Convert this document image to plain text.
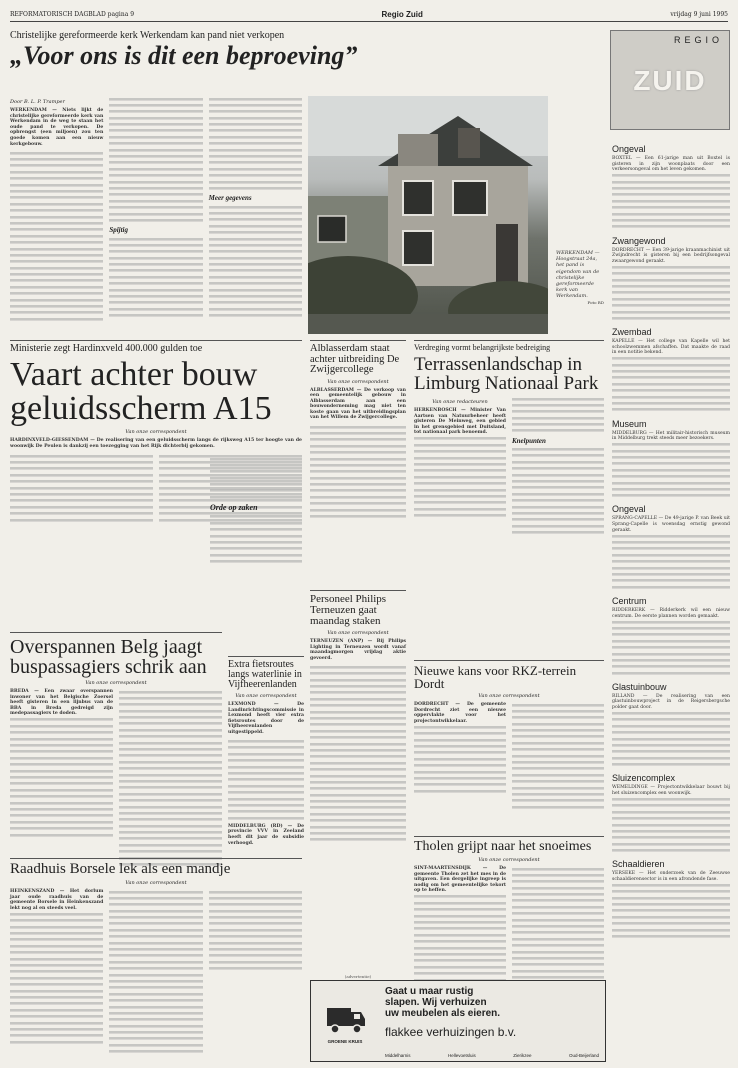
REFORMATORISCH DAGBLAD pagina 9	Regio Zuid	vrijdag 9 juni 1995
Christelijke gereformeerde kerk Werkendam kan pand niet verkopen
„Voor ons is dit een beproeving”
Door B. L. P. Tramper
WERKENDAM — Niets lijkt de christelijke gereformeerde kerk van Werkendam in de weg te staan het oude pand te verkopen. De opbrengst (een miljoen) zou ten goede komen aan een nieuw kerkgebouw.
Spijtig
Meer gegevens
REGIO
ZUID
WERKENDAM — Hoogstraat 24a, het pand is eigendom van de christelijke gereformeerde kerk van Werkendam.
Foto RD
Ongeval
BOXTEL — Een 61-jarige man uit Boxtel is gisteren in zijn woonplaats door een verkeersongeval om het leven gekomen.
Zwangewond
DORDRECHT — Een 39-jarige kraanmachinist uit Zwijndrecht is gisteren bij een bedrijfsongeval zwaargewond geraakt.
Zwembad
KAPELLE — Het college van Kapelle wil het schoolzwemmen afschaffen. Dat maakte de raad in een notitie bekend.
Museum
MIDDELBURG — Het militair-historisch museum in Middelburg trekt steeds meer bezoekers.
Ongeval
SPRANG-CAPELLE — De 49-jarige P. van Beek uit Sprang-Capelle is woensdag ernstig gewond geraakt.
Centrum
RIDDERKERK — Ridderkerk wil een nieuw centrum. De eerste plannen worden gemaakt.
Glastuinbouw
RILLAND — De realisering van een glastuinbouwproject in de Reigersbergsche polder gaat door.
Sluizencomplex
WEMELDINGE — Projectontwikkelaar bouwt bij het sluizencomplex een woonwijk.
Schaaldieren
YERSEKE — Het onderzoek van de Zeeuwse schaaldierensector is in een afrondende fase.
Ministerie zegt Hardinxveld 400.000 gulden toe
Vaart achter bouw geluidsscherm A15
Van onze correspondent
HARDINXVELD-GIESSENDAM — De realisering van een geluidsscherm langs de rijksweg A15 ter hoogte van de woonwijk De Peulen is dankzij een toezegging van het Rijk dichterbij gekomen.
Orde op zaken
Alblasserdam staat achter uitbreiding De Zwijgercollege
Van onze correspondent
ALBLASSERDAM — De verkoop van een gemeentelijk gebouw in Alblasserdam aan een bouwonderneming mag niet ten koste gaan van het uitbreidingsplan van het Willem de Zwijgercollege.
Verdreging vormt belangrijkste bedreiging
Terrassenlandschap in Limburg Nationaal Park
Van onze redacteuren
HERKENBOSCH — Minister Van Aartsen van Natuurbeheer heeft gisteren De Meinweg, een gebied in het grensgebied met Duitsland, tot nationaal park benoemd.
Knelpunten
Personeel Philips Terneuzen gaat maandag staken
Van onze correspondent
TERNEUZEN (ANP) — Bij Philips Lighting in Terneuzen wordt vanaf maandagmorgen vrijdag aktie gevoerd.
Nieuwe kans voor RKZ-terrein Dordt
Van onze correspondent
DORDRECHT — De gemeente Dordrecht ziet een nieuwe oppervlakte voor het projectontwikkelaar.
Tholen grijpt naar het snoeimes
Van onze correspondent
SINT-MAARTENSDIJK — De gemeente Tholen zet het mes in de uitgaven. Een dergelijke ingreep is nodig om het gemeentelijke tekort op te heffen.
Overspannen Belg jaagt buspassagiers schrik aan
Van onze correspondent
BREDA — Een zwaar overspannen inwoner van het Belgische Zoersel heeft gisteren in een lijnbus van de BBA in Breda gedreigd zijn medepassagiers te doden.
Extra fietsroutes langs waterlinie in Vijfheerenlanden
Van onze correspondent
LEXMOND — De Landinrichtingscommissie in Lexmond heeft vier extra fietsroutes door de Vijfheerenlanden uitgestippeld.
MIDDELBURG (RD) — De provincie VVV in Zeeland heeft dit jaar de subsidie verhoogd.
Raadhuis Borsele lek als een mandje
Van onze correspondent
HEINKENSZAND — Het dorlum jaar oude raadhuis van de gemeente Borsele in Heinkenszand lekt nog al en steeds veel.
(advertentie)
GROENE KRUIS
Gaat u maar rustig
slapen. Wij verhuizen
uw meubelen als eieren.
flakkee verhuizingen b.v.
Middelharnis	Hellevoetsluis	Zierikzee	Oud-Beijerland
